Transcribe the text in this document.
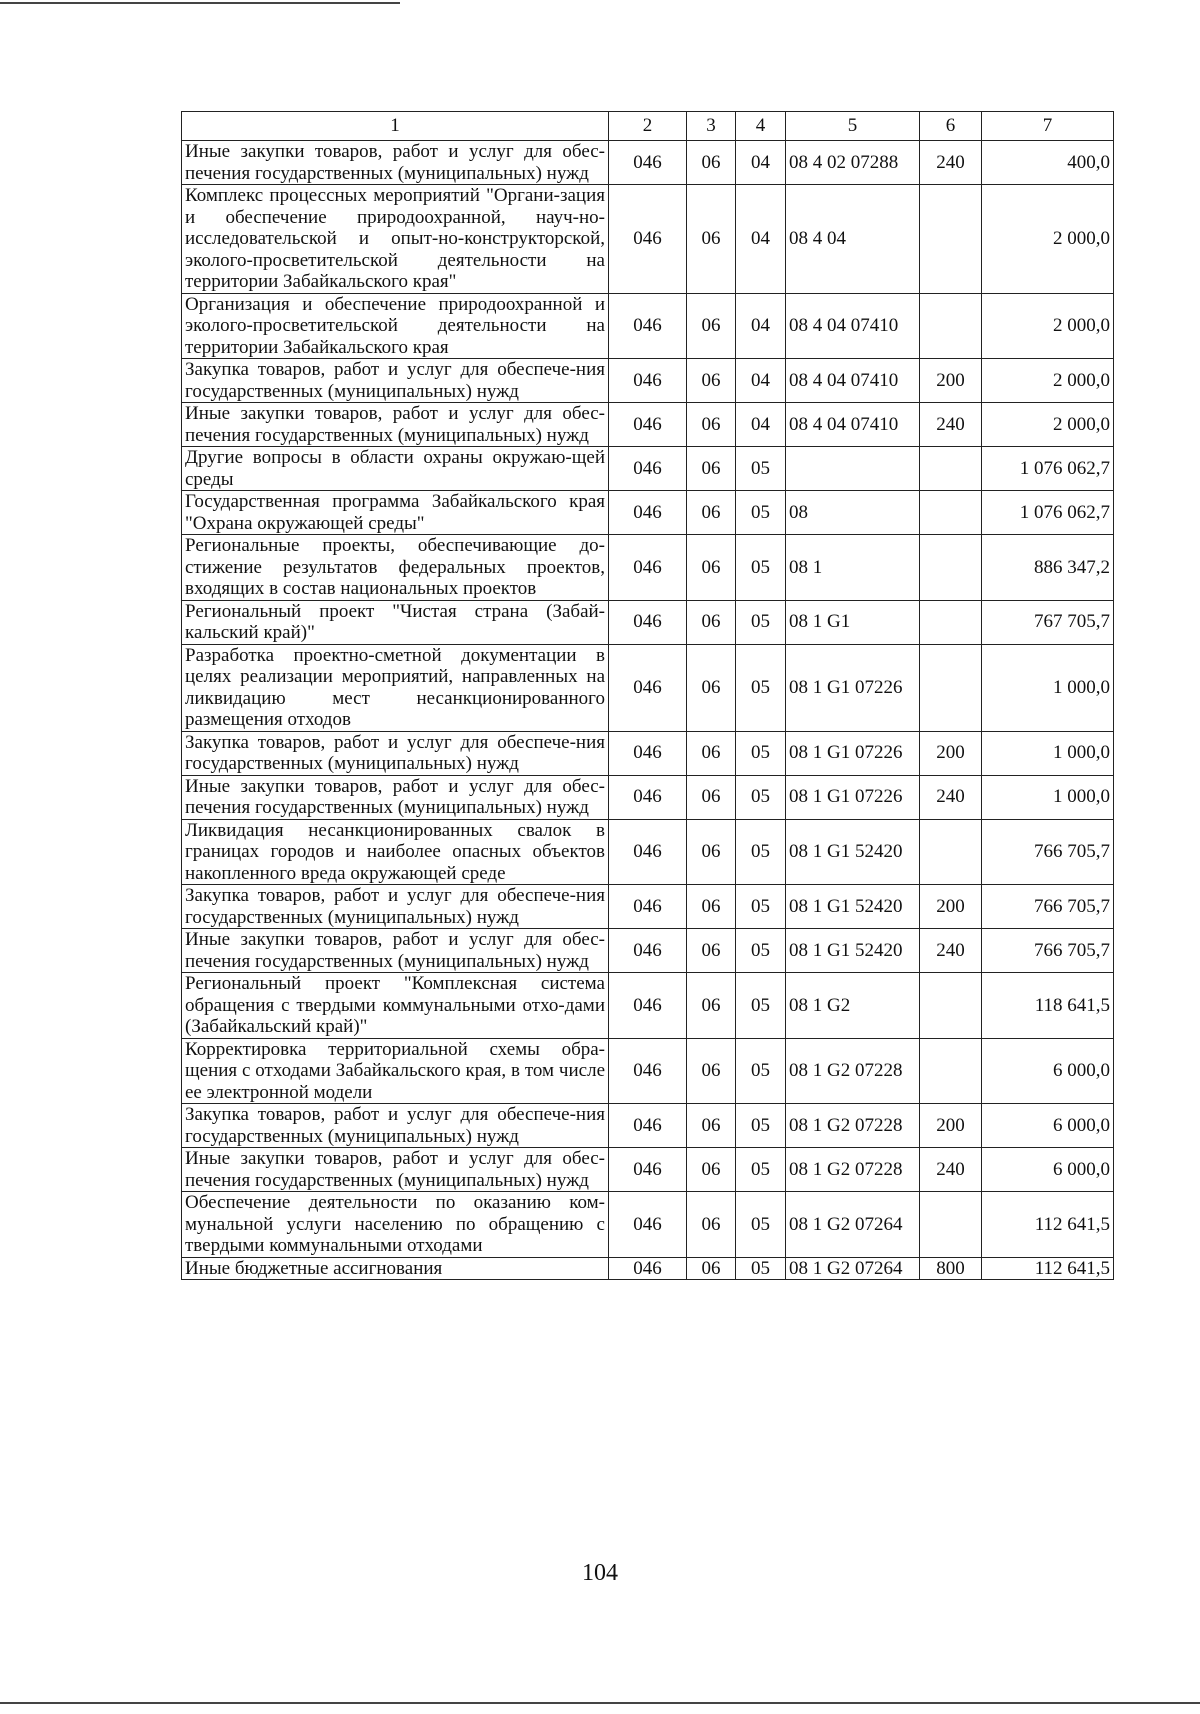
1	2	3	4	5	6	7
Иные закупки товаров, работ и услуг для обес-печения государственных (муниципальных) нужд	046	06	04	08 4 02 07288	240	400,0
Комплекс процессных мероприятий "Органи-зация и обеспечение природоохранной, науч-но-исследовательской и опыт-но-конструкторской, эколого-просветительской деятельности на территории Забайкальского края"	046	06	04	08 4 04		2 000,0
Организация и обеспечение природоохранной и эколого-просветительской деятельности на территории Забайкальского края	046	06	04	08 4 04 07410		2 000,0
Закупка товаров, работ и услуг для обеспече-ния государственных (муниципальных) нужд	046	06	04	08 4 04 07410	200	2 000,0
Иные закупки товаров, работ и услуг для обес-печения государственных (муниципальных) нужд	046	06	04	08 4 04 07410	240	2 000,0
Другие вопросы в области охраны окружаю-щей среды	046	06	05			1 076 062,7
Государственная программа Забайкальского края "Охрана окружающей среды"	046	06	05	08		1 076 062,7
Региональные проекты, обеспечивающие до-стижение результатов федеральных проектов, входящих в состав национальных проектов	046	06	05	08 1		886 347,2
Региональный проект "Чистая страна (Забай-кальский край)"	046	06	05	08 1 G1		767 705,7
Разработка проектно-сметной документации в целях реализации мероприятий, направленных на ликвидацию мест несанкционированного размещения отходов	046	06	05	08 1 G1 07226		1 000,0
Закупка товаров, работ и услуг для обеспече-ния государственных (муниципальных) нужд	046	06	05	08 1 G1 07226	200	1 000,0
Иные закупки товаров, работ и услуг для обес-печения государственных (муниципальных) нужд	046	06	05	08 1 G1 07226	240	1 000,0
Ликвидация несанкционированных свалок в границах городов и наиболее опасных объектов накопленного вреда окружающей среде	046	06	05	08 1 G1 52420		766 705,7
Закупка товаров, работ и услуг для обеспече-ния государственных (муниципальных) нужд	046	06	05	08 1 G1 52420	200	766 705,7
Иные закупки товаров, работ и услуг для обес-печения государственных (муниципальных) нужд	046	06	05	08 1 G1 52420	240	766 705,7
Региональный проект "Комплексная система обращения с твердыми коммунальными отхо-дами (Забайкальский край)"	046	06	05	08 1 G2		118 641,5
Корректировка территориальной схемы обра-щения с отходами Забайкальского края, в том числе ее электронной модели	046	06	05	08 1 G2 07228		6 000,0
Закупка товаров, работ и услуг для обеспече-ния государственных (муниципальных) нужд	046	06	05	08 1 G2 07228	200	6 000,0
Иные закупки товаров, работ и услуг для обес-печения государственных (муниципальных) нужд	046	06	05	08 1 G2 07228	240	6 000,0
Обеспечение деятельности по оказанию ком-мунальной услуги населению по обращению с твердыми коммунальными отходами	046	06	05	08 1 G2 07264		112 641,5
Иные бюджетные ассигнования	046	06	05	08 1 G2 07264	800	112 641,5
104
